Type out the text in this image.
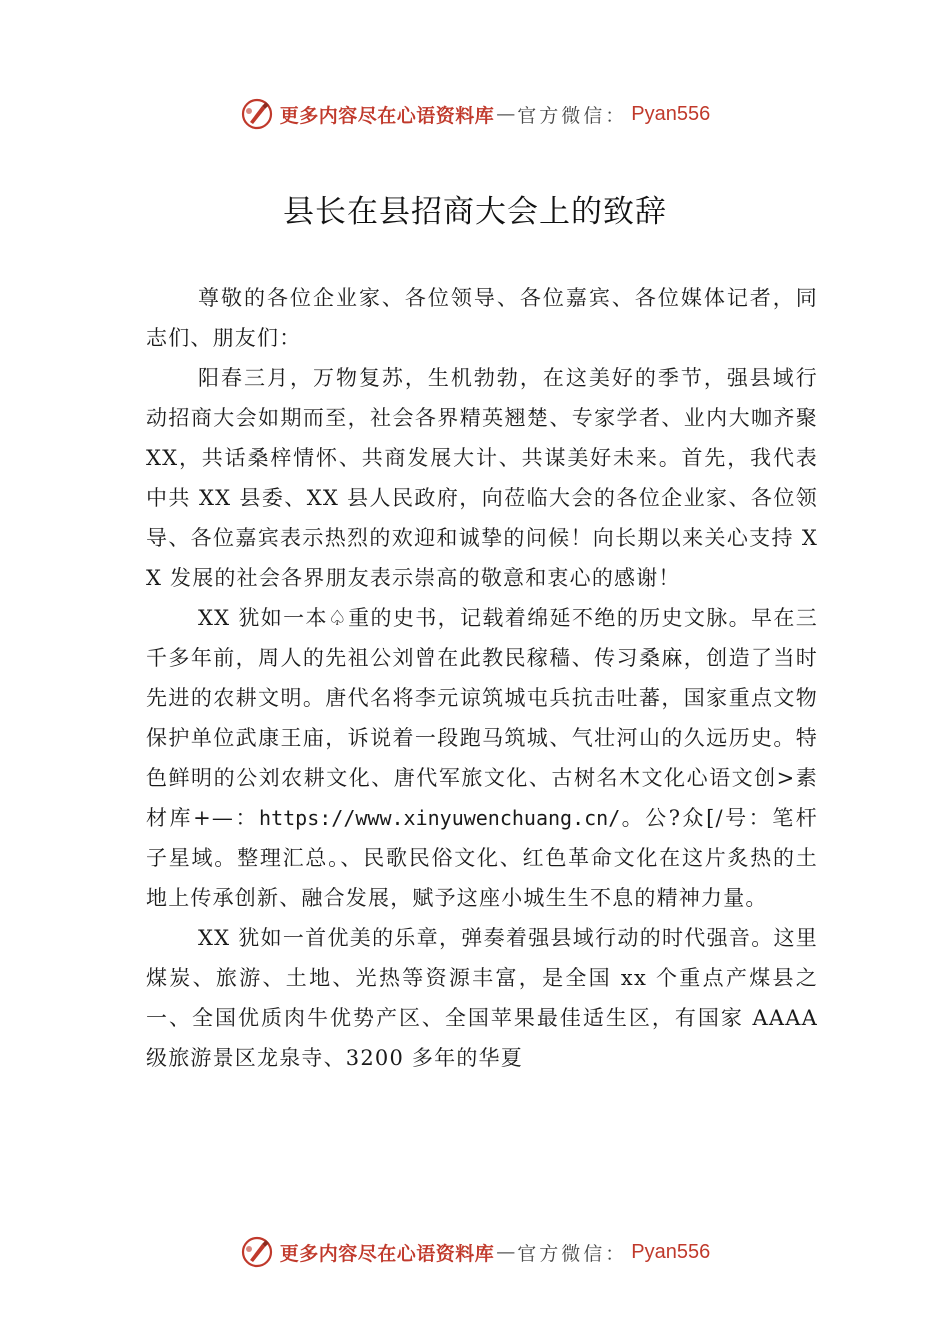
更多内容尽在心语资料库 — 官方微信： Pyan556
县长在县招商大会上的致辞

尊敬的各位企业家、各位领导、各位嘉宾、各位媒体记者，同志们、朋友们：

阳春三月，万物复苏，生机勃勃，在这美好的季节，强县域行动招商大会如期而至，社会各界精英翘楚、专家学者、业内大咖齐聚 XX，共话桑梓情怀、共商发展大计、共谋美好未来。首先，我代表中共 XX 县委、XX 县人民政府，向莅临大会的各位企业家、各位领导、各位嘉宾表示热烈的欢迎和诚挚的问候！向长期以来关心支持 XX 发展的社会各界朋友表示崇高的敬意和衷心的感谢！

XX 犹如一本♤重的史书，记载着绵延不绝的历史文脉。早在三千多年前，周人的先祖公刘曾在此教民稼穑、传习桑麻，创造了当时先进的农耕文明。唐代名将李元谅筑城屯兵抗击吐蕃，国家重点文物保护单位武康王庙，诉说着一段跑马筑城、气壮河山的久远历史。特色鲜明的公刘农耕文化、唐代军旅文化、古树名木文化心语文创>素材库+—：https://www.xinyuwenchuang.cn/。公?众[/号：笔杆子星域。整理汇总。、民歌民俗文化、红色革命文化在这片炙热的土地上传承创新、融合发展，赋予这座小城生生不息的精神力量。

XX 犹如一首优美的乐章，弹奏着强县域行动的时代强音。这里煤炭、旅游、土地、光热等资源丰富，是全国 xx 个重点产煤县之一、全国优质肉牛优势产区、全国苹果最佳适生区，有国家 AAAA 级旅游景区龙泉寺、3200 多年的华夏

更多内容尽在心语资料库 — 官方微信： Pyan556
